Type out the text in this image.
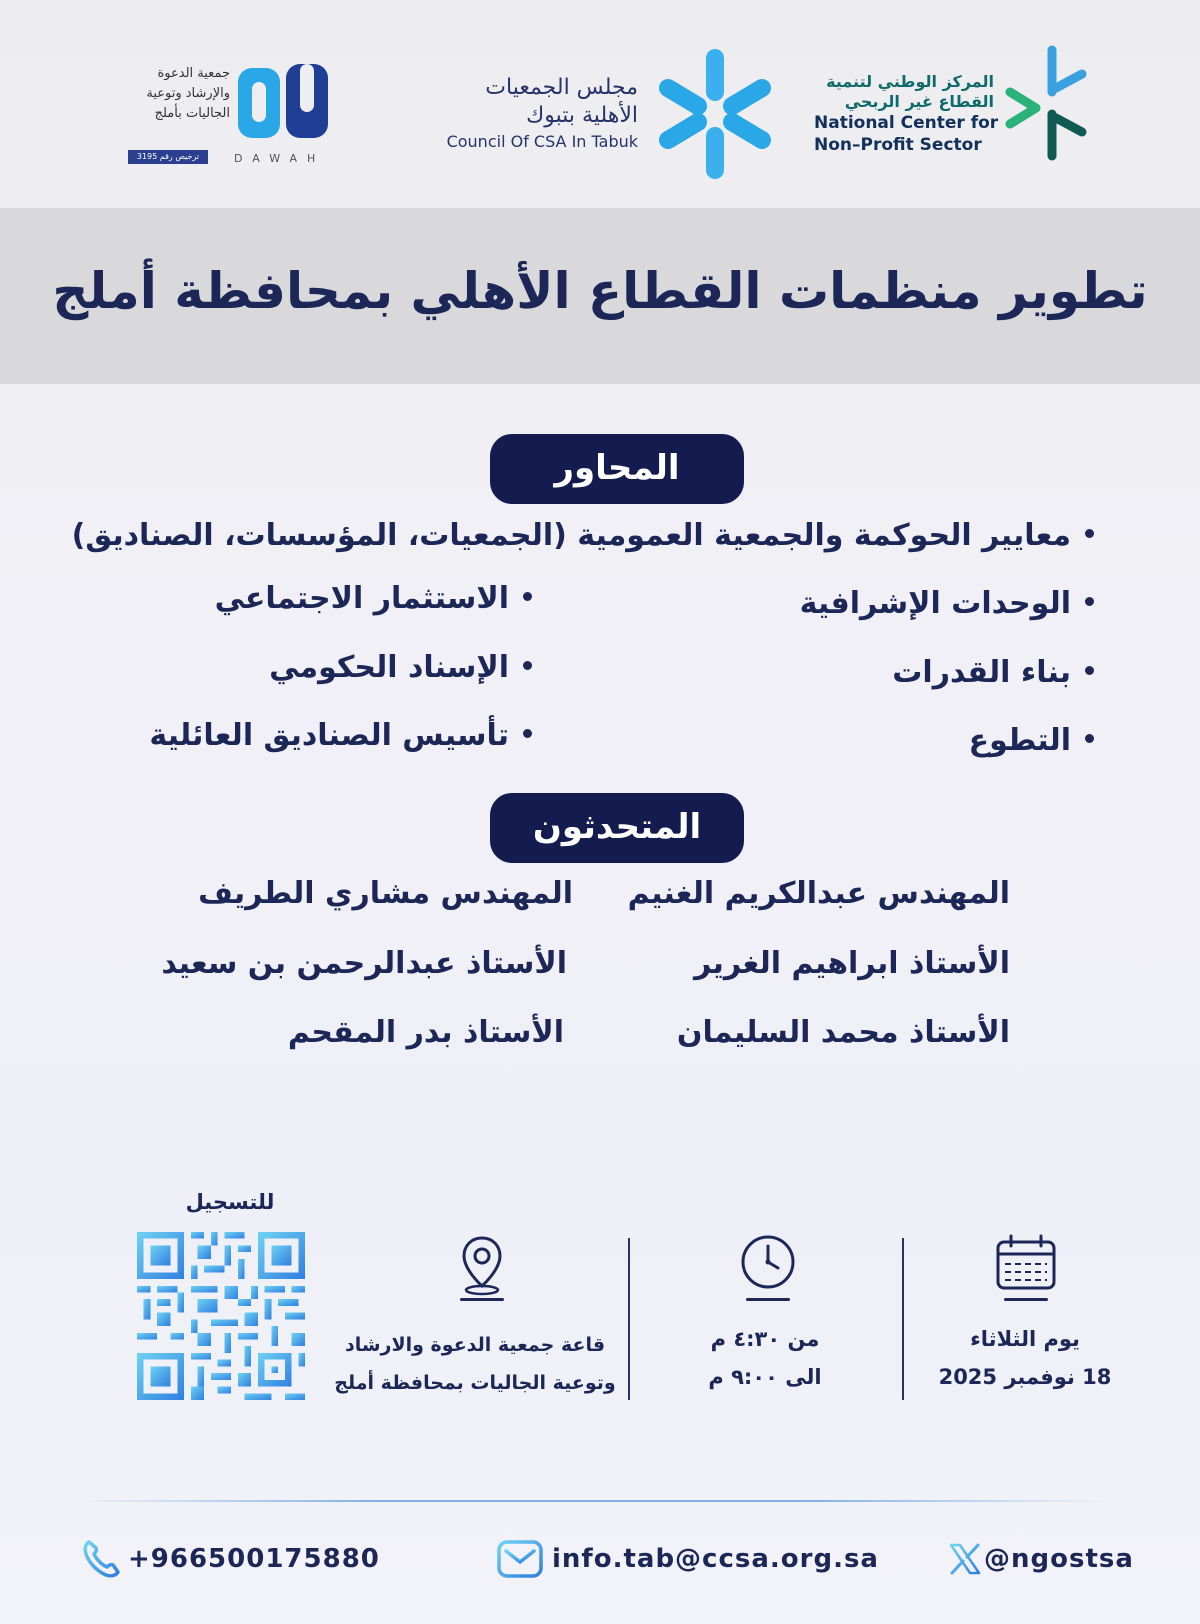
المركز الوطني لتنمية
القطاع غير الربحي
National Center for
Non–Profit Sector
مجلس الجمعيات
الأهلية بتبوك
Council Of CSA In Tabuk
جمعية الدعوة
والإرشاد وتوعية
الجاليات بأملج
ترخيص رقم 3195	DAWAH
تطوير منظمات القطاع الأهلي بمحافظة أملج
المحاور
معايير الحوكمة والجمعية العمومية (الجمعيات، المؤسسات، الصناديق)
الوحدات الإشرافية
بناء القدرات
التطوع
الاستثمار الاجتماعي
الإسناد الحكومي
تأسيس الصناديق العائلية
المتحدثون
المهندس عبدالكريم الغنيم
الأستاذ ابراهيم الغرير
الأستاذ محمد السليمان
المهندس مشاري الطريف
الأستاذ عبدالرحمن بن سعيد
الأستاذ بدر المقحم
يوم الثلاثاء
18 نوفمبر 2025
من ٤:٣٠ م
الى ٩:٠٠ م
قاعة جمعية الدعوة والارشاد
وتوعية الجاليات بمحافظة أملج
للتسجيل
+966500175880	info.tab@ccsa.org.sa	@ngostsa
